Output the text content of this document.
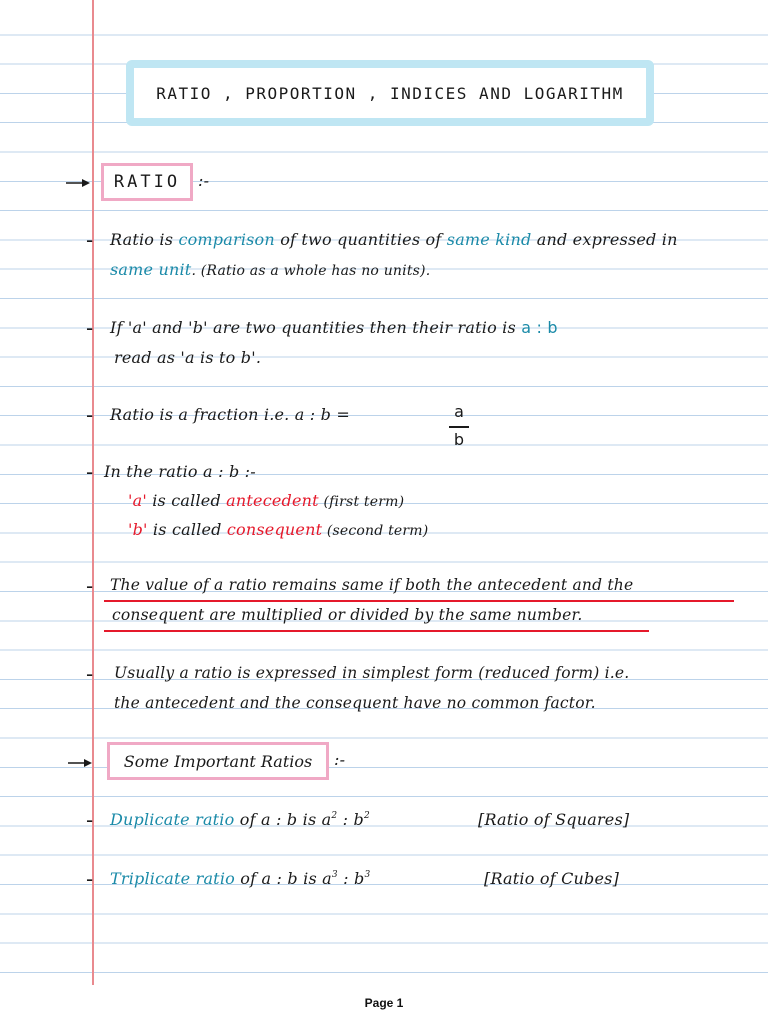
RATIO , PROPORTION , INDICES AND LOGARITHM
RATIO :-
- Ratio is comparison of two quantities of same kind and expressed in
same unit. (Ratio as a whole has no units).
- If 'a' and 'b' are two quantities then their ratio is a : b
read as 'a is to b'.
- Ratio is a fraction i.e. a : b =	a
b
- In the ratio a : b :-
'a' is called antecedent (first term)
'b' is called consequent (second term)
- The value of a ratio remains same if both the antecedent and the
consequent are multiplied or divided by the same number.
- Usually a ratio is expressed in simplest form (reduced form) i.e.
the antecedent and the consequent have no common factor.
Some Important Ratios :-
- Duplicate ratio of a : b is $a^2$ : $b^2$	[Ratio of Squares]
- Triplicate ratio of a : b is $a^3$ : $b^3$	[Ratio of Cubes]
Page 1
